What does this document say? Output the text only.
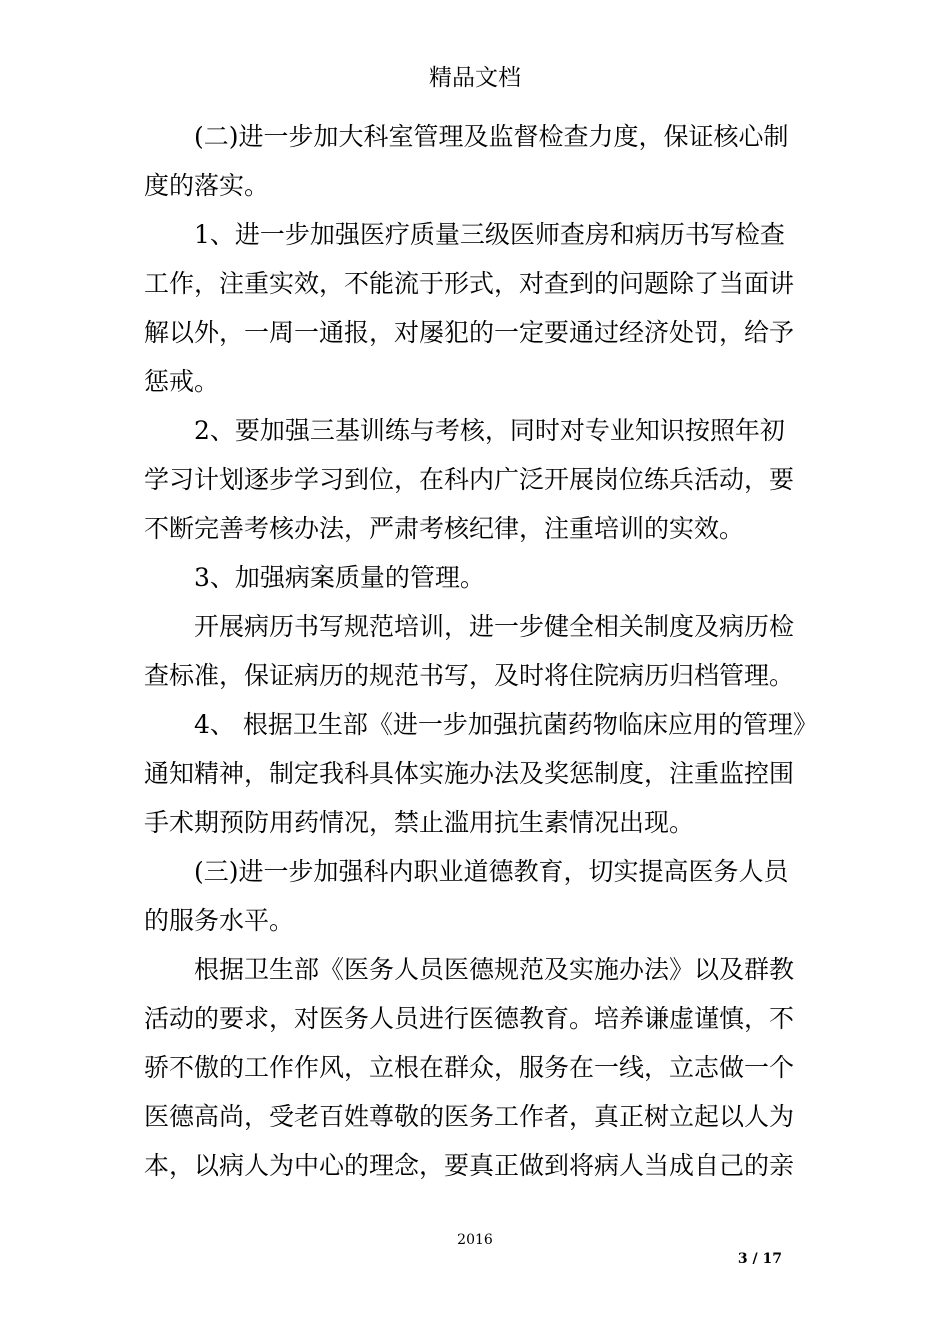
精品文档
(二)进一步加大科室管理及监督检查力度，保证核心制
度的落实。
1、进一步加强医疗质量三级医师查房和病历书写检查
工作，注重实效，不能流于形式，对查到的问题除了当面讲
解以外，一周一通报，对屡犯的一定要通过经济处罚，给予
惩戒。
2、要加强三基训练与考核，同时对专业知识按照年初
学习计划逐步学习到位，在科内广泛开展岗位练兵活动，要
不断完善考核办法，严肃考核纪律，注重培训的实效。
3、加强病案质量的管理。
开展病历书写规范培训，进一步健全相关制度及病历检
查标准，保证病历的规范书写，及时将住院病历归档管理。
4、 根据卫生部《进一步加强抗菌药物临床应用的管理》
通知精神，制定我科具体实施办法及奖惩制度，注重监控围
手术期预防用药情况，禁止滥用抗生素情况出现。
(三)进一步加强科内职业道德教育，切实提高医务人员
的服务水平。
根据卫生部《医务人员医德规范及实施办法》以及群教
活动的要求，对医务人员进行医德教育。培养谦虚谨慎，不
骄不傲的工作作风，立根在群众，服务在一线，立志做一个
医德高尚，受老百姓尊敬的医务工作者，真正树立起以人为
本，以病人为中心的理念，要真正做到将病人当成自己的亲
2016
3 / 17
